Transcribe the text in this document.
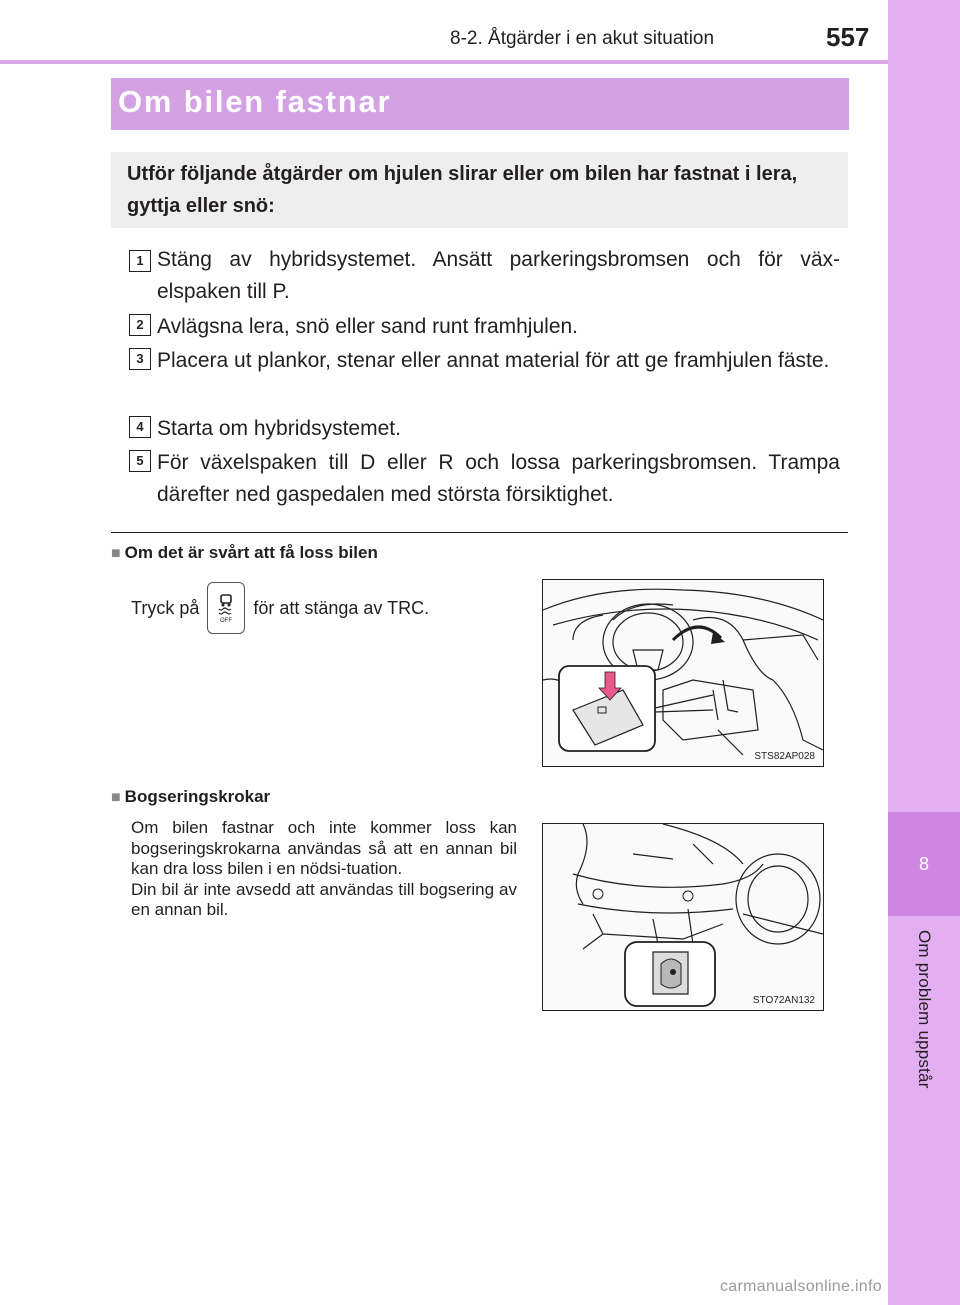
8-2. Åtgärder i en akut situation	557
8
Om problem uppstår
Om bilen fastnar
Utför följande åtgärder om hjulen slirar eller om bilen har fastnat i lera, gyttja eller snö:
1 Stäng av hybridsystemet. Ansätt parkeringsbromsen och för väx-elspaken till P.
2 Avlägsna lera, snö eller sand runt framhjulen.
3 Placera ut plankor, stenar eller annat material för att ge framhjulen fäste.
4 Starta om hybridsystemet.
5 För växelspaken till D eller R och lossa parkeringsbromsen. Trampa därefter ned gaspedalen med största försiktighet.
■ Om det är svårt att få loss bilen
Tryck på
OFF
för att stänga av TRC.
STS82AP028
■ Bogseringskrokar

Om bilen fastnar och inte kommer loss kan bogseringskrokarna användas så att en annan bil kan dra loss bilen i en nödsi-tuation.

Din bil är inte avsedd att användas till bogsering av en annan bil.

STO72AN132
carmanualsonline.info
